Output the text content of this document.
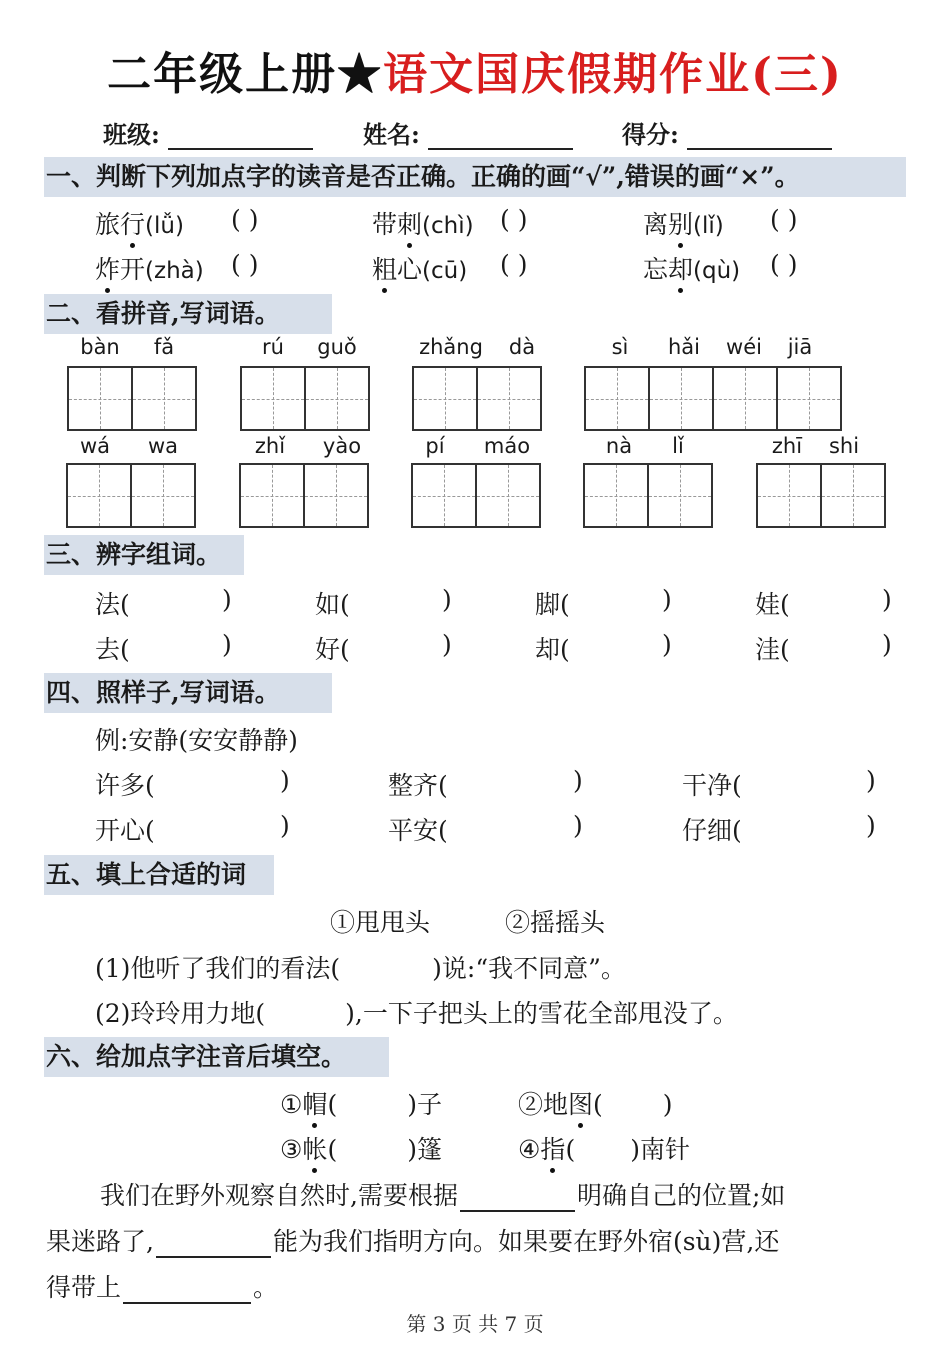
二年级上册★语文国庆假期作业(三)
班级:	姓名:	得分:
一、判断下列加点字的读音是否正确。正确的画“√”,错误的画“×”。
旅行(lǚ) ( )	带刺(chì) ( )	离别(lǐ) ( )
炸开(zhà) ( )	粗心(cū) ( )	忘却(qù) ( )
二、看拼音,写词语。
bàn	fǎ	rú	guǒ	zhǎng	dà	sì	hǎi	wéi	jiā
wá	wa	zhǐ	yào	pí	máo	nà	lǐ	zhī	shi
三、辨字组词。
法(	)	如(	)	脚(	)	娃(	)
去(	)	好(	)	却(	)	洼(	)
四、照样子,写词语。
例:安静(安安静静)
许多(	)	整齐(	)	干净(	)
开心(	)	平安(	)	仔细(	)
五、填上合适的词
①甩甩头	②摇摇头
(1)他听了我们的看法(	)说:“我不同意”。
(2)玲玲用力地(	),一下子把头上的雪花全部甩没了。
六、给加点字注音后填空。
①帽(	)子	②地图( )
③帐(	)篷	④指( )南针
我们在野外观察自然时,需要根据	明确自己的位置;如
果迷路了,	能为我们指明方向。如果要在野外宿(sù)营,还
得带上	。
第 3 页 共 7 页
